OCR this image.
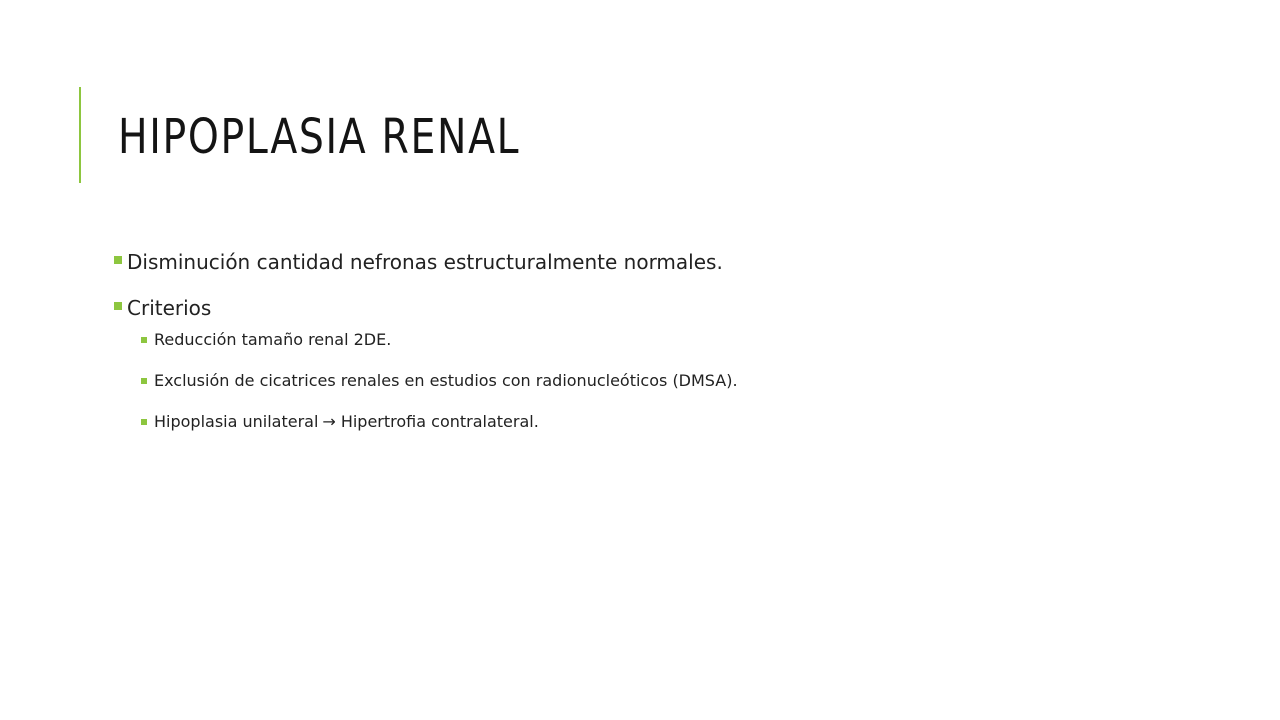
HIPOPLASIA RENAL
Disminución cantidad nefronas estructuralmente normales.
Criterios
Reducción tamaño renal 2DE.
Exclusión de cicatrices renales en estudios con radionucleóticos (DMSA).
Hipoplasia unilateral → Hipertrofia contralateral.
